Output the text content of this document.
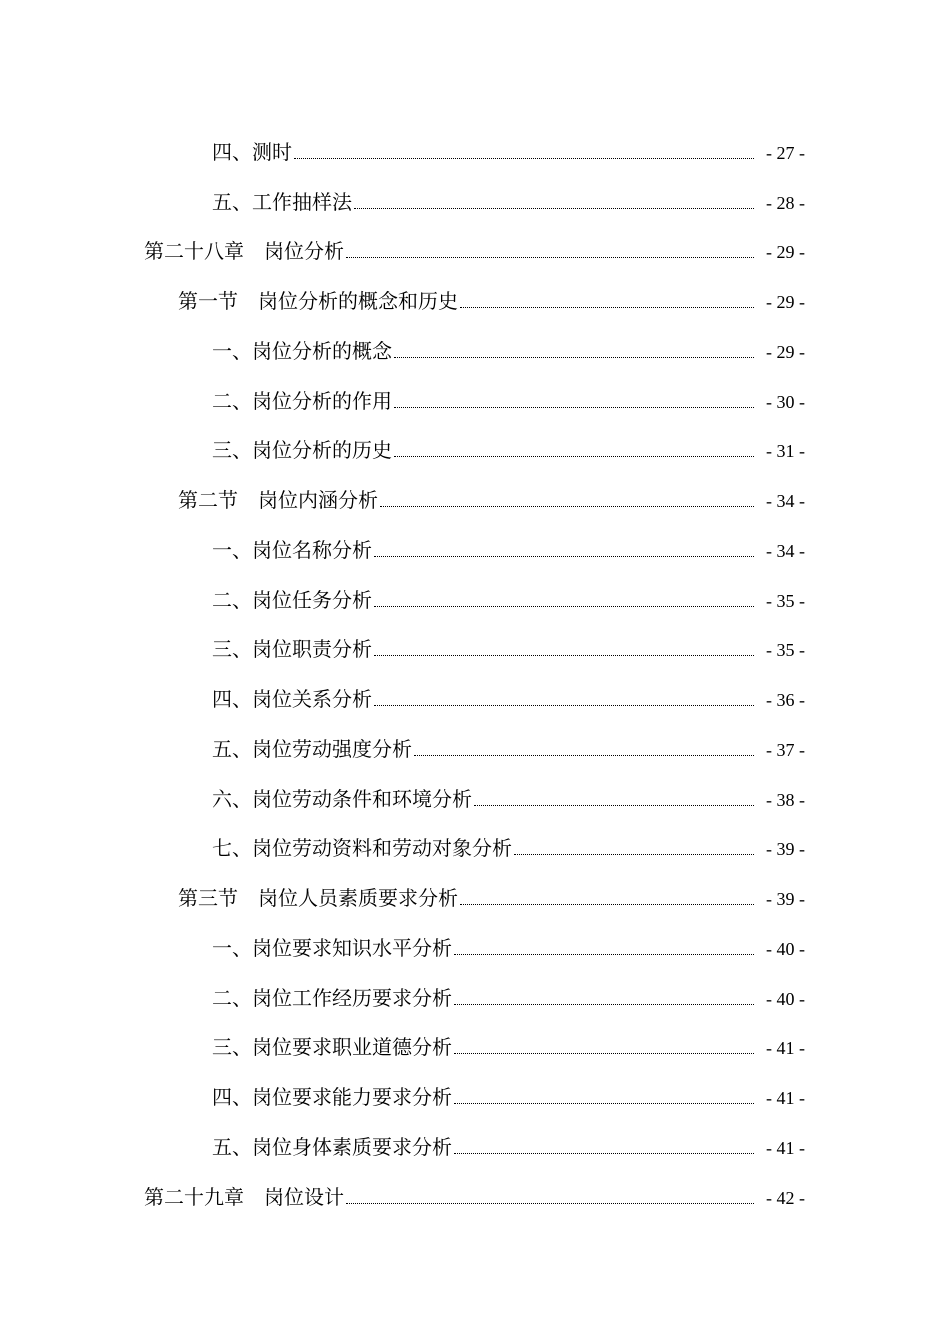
四、测时	- 27 -
五、工作抽样法	- 28 -
第二十八章　岗位分析	- 29 -
第一节　岗位分析的概念和历史	- 29 -
一、岗位分析的概念	- 29 -
二、岗位分析的作用	- 30 -
三、岗位分析的历史	- 31 -
第二节　岗位内涵分析	- 34 -
一、岗位名称分析	- 34 -
二、岗位任务分析	- 35 -
三、岗位职责分析	- 35 -
四、岗位关系分析	- 36 -
五、岗位劳动强度分析	- 37 -
六、岗位劳动条件和环境分析	- 38 -
七、岗位劳动资料和劳动对象分析	- 39 -
第三节　岗位人员素质要求分析	- 39 -
一、岗位要求知识水平分析	- 40 -
二、岗位工作经历要求分析	- 40 -
三、岗位要求职业道德分析	- 41 -
四、岗位要求能力要求分析	- 41 -
五、岗位身体素质要求分析	- 41 -
第二十九章　岗位设计	- 42 -
